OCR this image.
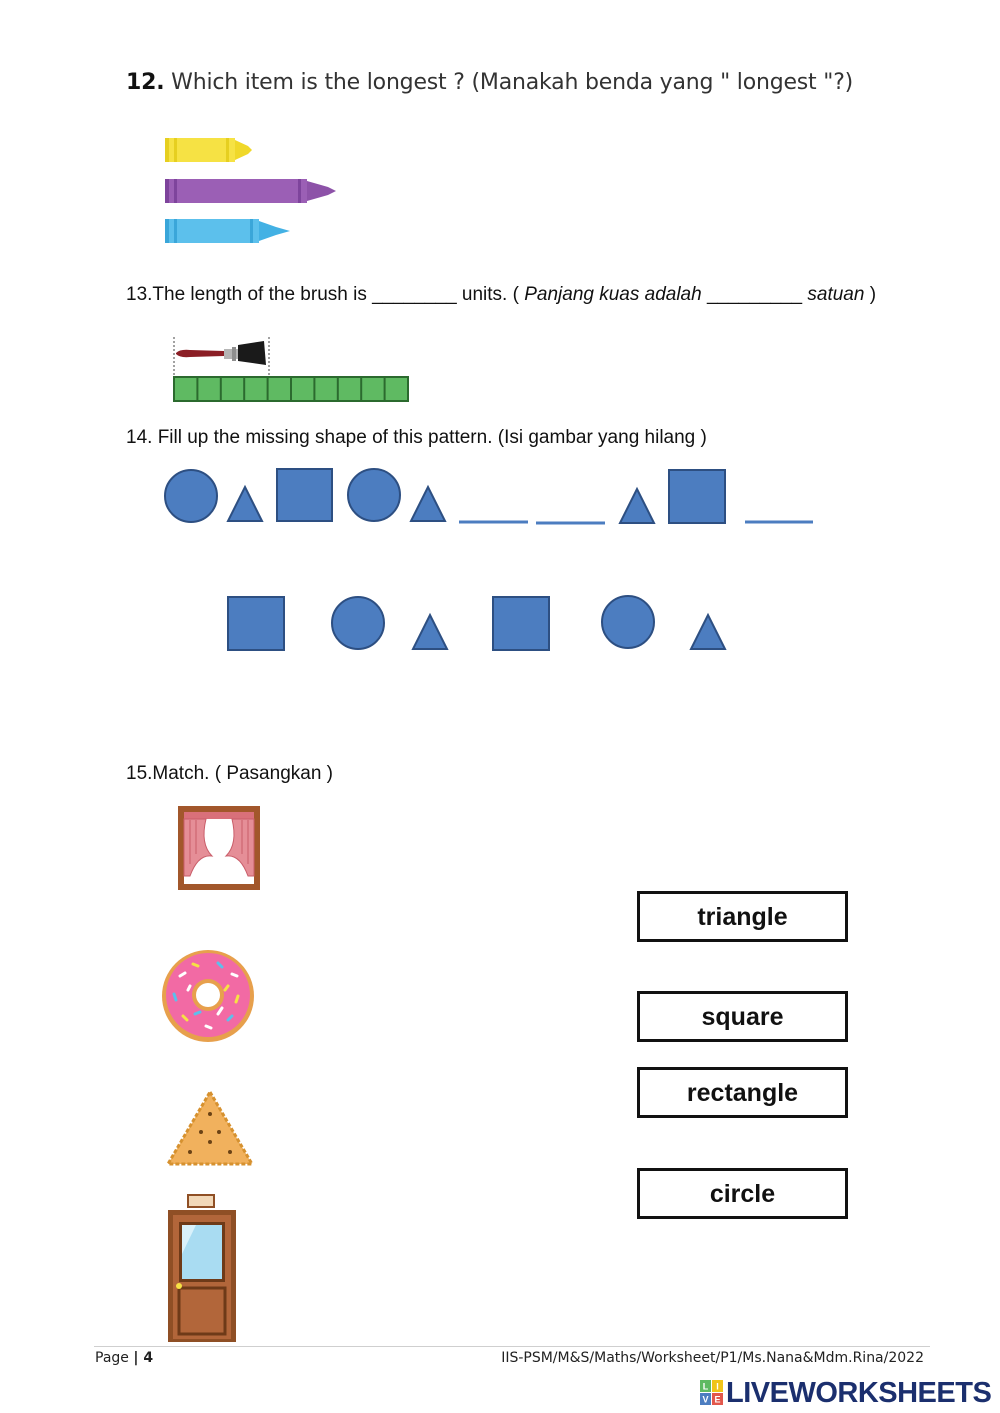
12. Which item is the longest ? (Manakah benda yang " longest "?)
13.The length of the brush is ________ units. ( Panjang kuas adalah _________ satuan )
14. Fill up the missing shape of this pattern. (Isi gambar yang hilang )
15.Match. ( Pasangkan )
triangle
square
rectangle
circle
Page | 4	IIS-PSM/M&S/Maths/Worksheet/P1/Ms.Nana&Mdm.Rina/2022
L I
V E LIVEWORKSHEETS
